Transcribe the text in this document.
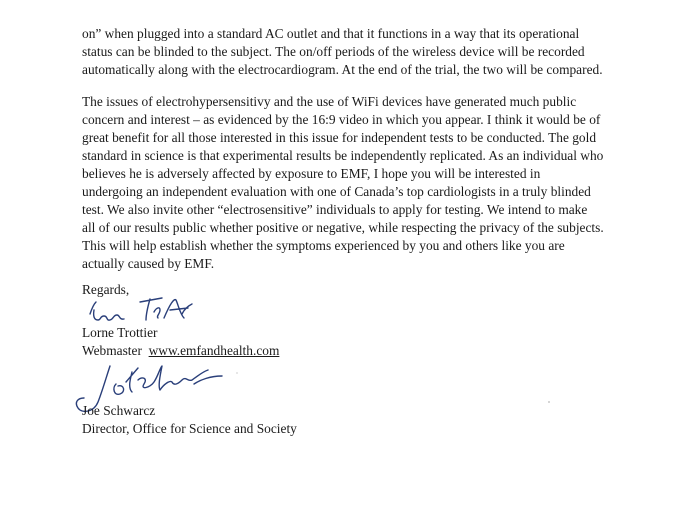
on” when plugged into a standard AC outlet and that it functions in a way that its operational

status can be blinded to the subject. The on/off periods of the wireless device will be recorded

automatically along with the electrocardiogram. At the end of the trial, the two will be compared.

The issues of electrohypersensitivy and the use of WiFi devices have generated much public

concern and interest – as evidenced by the 16:9 video in which you appear. I think it would be of

great benefit for all those interested in this issue for independent tests to be conducted. The gold

standard in science is that experimental results be independently replicated. As an individual who

believes he is adversely affected by exposure to EMF, I hope you will be interested in

undergoing an independent evaluation with one of Canada’s top cardiologists in a truly blinded

test. We also invite other “electrosensitive” individuals to apply for testing. We intend to make

all of our results public whether positive or negative, while respecting the privacy of the subjects.

This will help establish whether the symptoms experienced by you and others like you are

actually caused by EMF.

Regards,

Lorne Trottier

Webmaster www.emfandhealth.com

Joe Schwarcz

Director, Office for Science and Society
